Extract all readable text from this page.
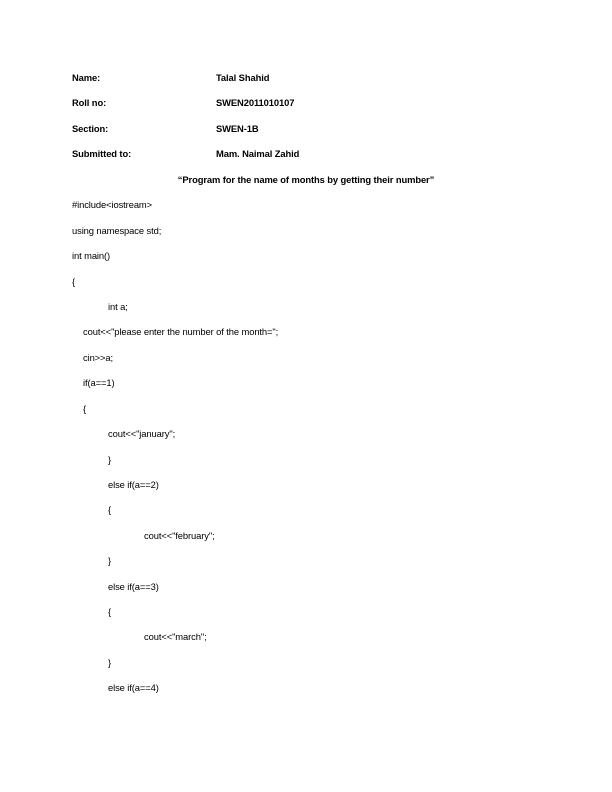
Name:	Talal Shahid
Roll no:	SWEN2011010107
Section:	SWEN-1B
Submitted to:	Mam. Naimal Zahid
“Program for the name of months by getting their number”
#include<iostream>
using namespace std;
int main()
{
int a;
cout<<"please enter the number of the month=";
cin>>a;
if(a==1)
{
cout<<"january";
}
else if(a==2)
{
cout<<"february";
}
else if(a==3)
{
cout<<"march";
}
else if(a==4)
